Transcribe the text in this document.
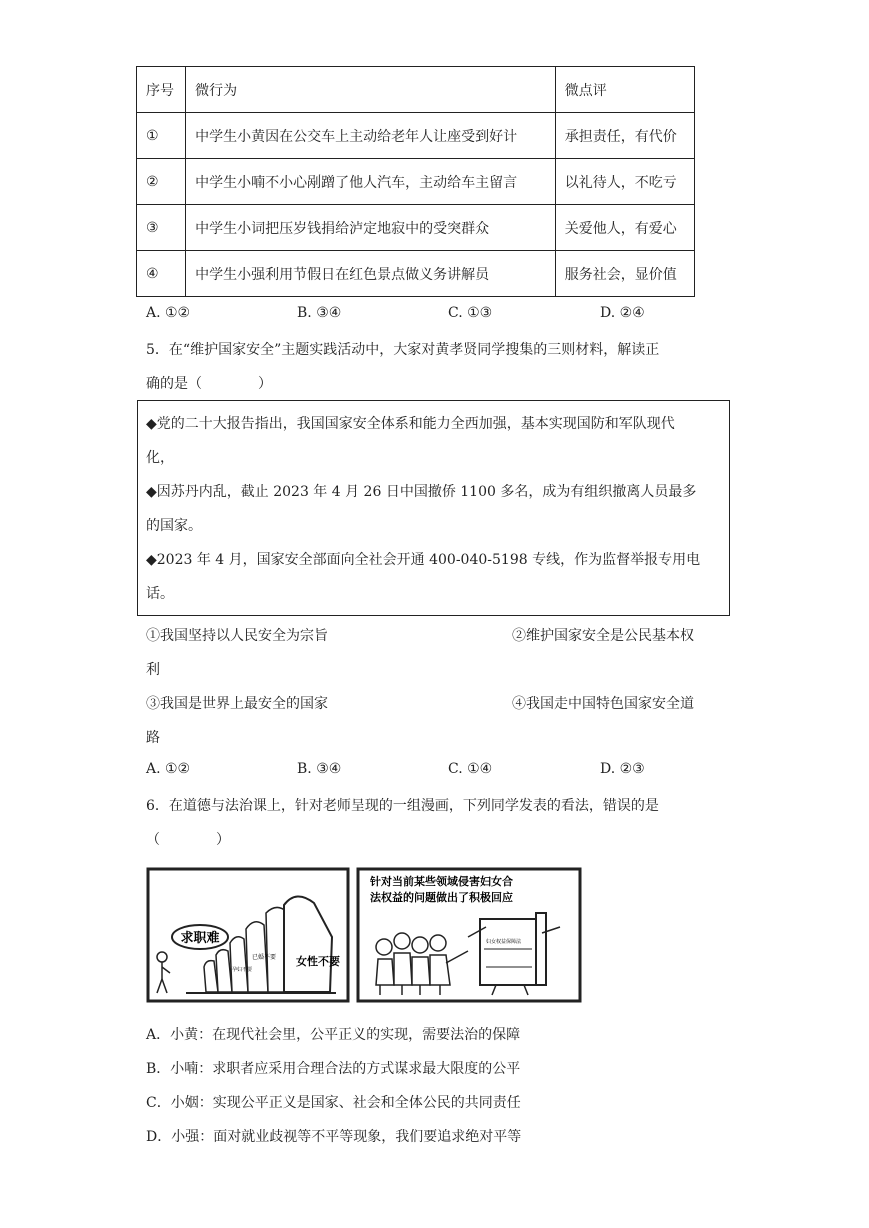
序号	微行为	微点评
①	中学生小黄因在公交车上主动给老年人让座受到好计	承担责任，有代价
②	中学生小喃不小心剐蹭了他人汽车，主动给车主留言	以礼待人，不吃亏
③	中学生小词把压岁钱捐给泸定地寂中的受突群众	关爱他人，有爱心
④	中学生小强利用节假日在红色景点做义务讲解员	服务社会，显价值
A. ①②	B. ③④	C. ①③	D. ②④
5．在“维护国家安全”主题实践活动中，大家对黄孝贤同学搜集的三则材料，解读正
确的是（　　　　）
◆党的二十大报告指出，我国国家安全体系和能力全西加强，基本实现国防和军队现代
化，
◆因苏丹内乱，截止 2023 年 4 月 26 日中国撤侨 1100 多名，成为有组织撤离人员最多
的国家。
◆2023 年 4 月，国家安全部面向全社会开通 400-040-5198 专线，作为监督举报专用电
话。
①我国坚持以人民安全为宗旨	②维护国家安全是公民基本权
利
③我国是世界上最安全的国家	④我国走中国特色国家安全道
路
A. ①②	B. ③④	C. ①④	D. ②③
6．在道德与法治课上，针对老师呈现的一组漫画，下列同学发表的看法，错误的是
（　　　　）
求职难
女性不要
已婚不要
孕妇不要
针对当前某些领域侵害妇女合
法权益的问题做出了积极回应
妇女权益保障法
A．小黄：在现代社会里，公平正义的实现，需要法治的保障
B．小喃：求职者应采用合理合法的方式谋求最大限度的公平
C．小姻：实现公平正义是国家、社会和全体公民的共同责任
D．小强：面对就业歧视等不平等现象，我们要追求绝对平等
